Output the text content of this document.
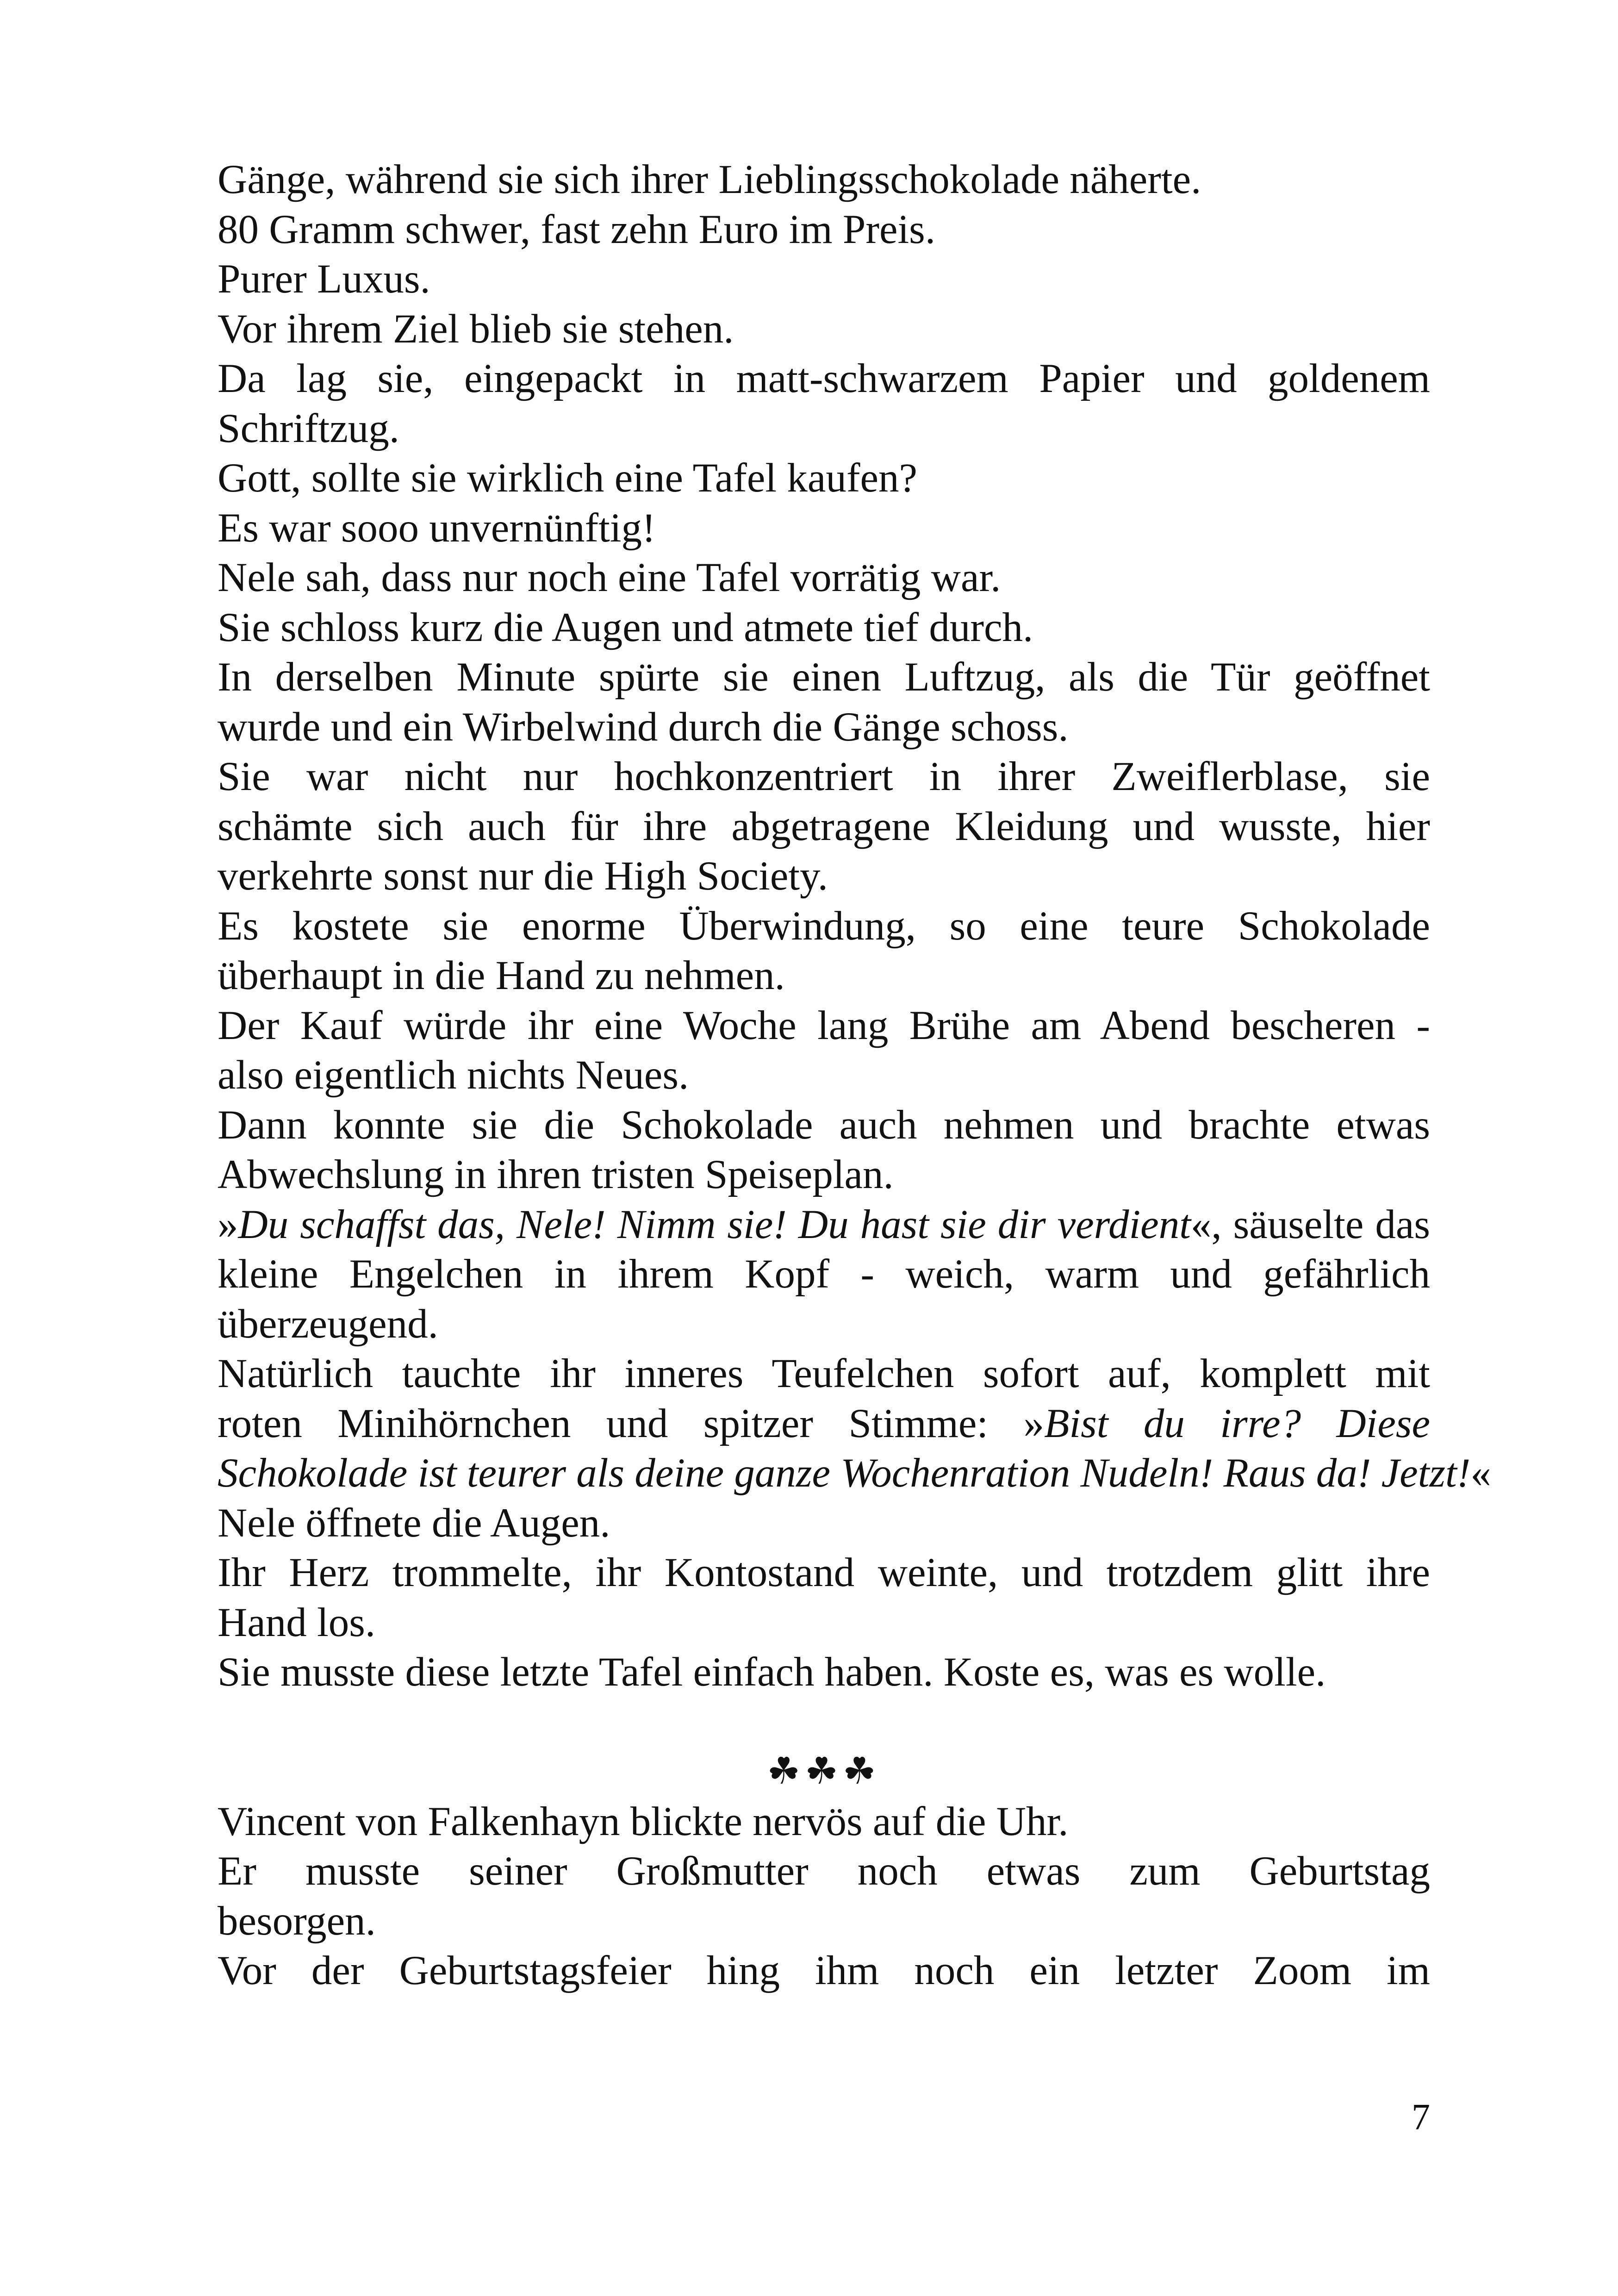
Gänge, während sie sich ihrer Lieblingsschokolade näherte.
80 Gramm schwer, fast zehn Euro im Preis.
Purer Luxus.
Vor ihrem Ziel blieb sie stehen.
Da lag sie, eingepackt in matt-schwarzem Papier und goldenem
Schriftzug.
Gott, sollte sie wirklich eine Tafel kaufen?
Es war sooo unvernünftig!
Nele sah, dass nur noch eine Tafel vorrätig war.
Sie schloss kurz die Augen und atmete tief durch.
In derselben Minute spürte sie einen Luftzug, als die Tür geöffnet
wurde und ein Wirbelwind durch die Gänge schoss.
Sie war nicht nur hochkonzentriert in ihrer Zweiflerblase, sie
schämte sich auch für ihre abgetragene Kleidung und wusste, hier
verkehrte sonst nur die High Society.
Es kostete sie enorme Überwindung, so eine teure Schokolade
überhaupt in die Hand zu nehmen.
Der Kauf würde ihr eine Woche lang Brühe am Abend bescheren -
also eigentlich nichts Neues.
Dann konnte sie die Schokolade auch nehmen und brachte etwas
Abwechslung in ihren tristen Speiseplan.
»Du schaffst das, Nele! Nimm sie! Du hast sie dir verdient«, säuselte das
kleine Engelchen in ihrem Kopf - weich, warm und gefährlich
überzeugend.
Natürlich tauchte ihr inneres Teufelchen sofort auf, komplett mit
roten Minihörnchen und spitzer Stimme: »Bist du irre? Diese
Schokolade ist teurer als deine ganze Wochenration Nudeln! Raus da! Jetzt!«
Nele öffnete die Augen.
Ihr Herz trommelte, ihr Kontostand weinte, und trotzdem glitt ihre
Hand los.
Sie musste diese letzte Tafel einfach haben. Koste es, was es wolle.
☘☘☘
Vincent von Falkenhayn blickte nervös auf die Uhr.
Er musste seiner Großmutter noch etwas zum Geburtstag
besorgen.
Vor der Geburtstagsfeier hing ihm noch ein letzter Zoom im
7
